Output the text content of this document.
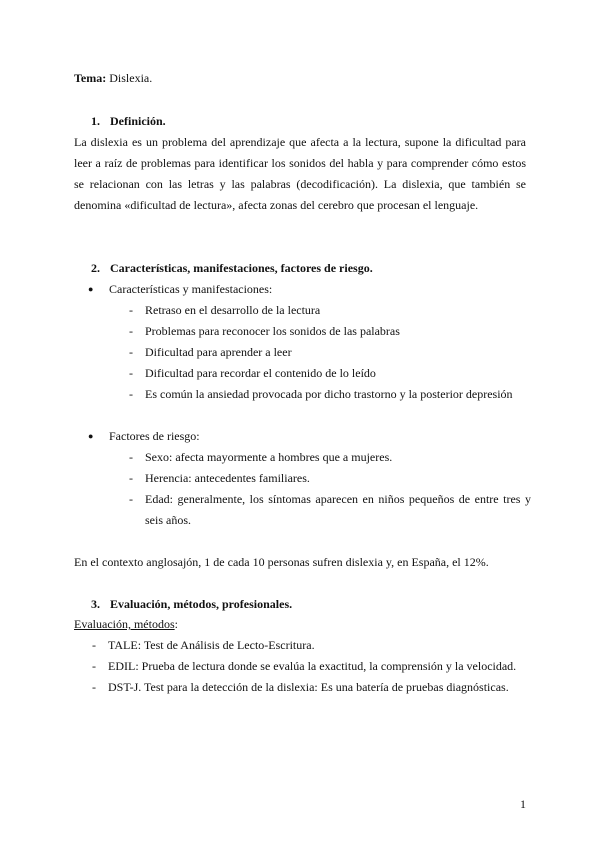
Tema: Dislexia.
1. Definición.
La dislexia es un problema del aprendizaje que afecta a la lectura, supone la dificultad para leer a raíz de problemas para identificar los sonidos del habla y para comprender cómo estos se relacionan con las letras y las palabras (decodificación). La dislexia, que también se denomina «dificultad de lectura», afecta zonas del cerebro que procesan el lenguaje.
2. Características, manifestaciones, factores de riesgo.
● Características y manifestaciones:
- Retraso en el desarrollo de la lectura
- Problemas para reconocer los sonidos de las palabras
- Dificultad para aprender a leer
- Dificultad para recordar el contenido de lo leído
- Es común la ansiedad provocada por dicho trastorno y la posterior depresión
● Factores de riesgo:
- Sexo: afecta mayormente a hombres que a mujeres.
- Herencia: antecedentes familiares.
- Edad: generalmente, los síntomas aparecen en niños pequeños de entre tres y seis años.
En el contexto anglosajón, 1 de cada 10 personas sufren dislexia y, en España, el 12%.
3. Evaluación, métodos, profesionales.
Evaluación, métodos:
- TALE: Test de Análisis de Lecto-Escritura.
- EDIL: Prueba de lectura donde se evalúa la exactitud, la comprensión y la velocidad.
- DST-J. Test para la detección de la dislexia: Es una batería de pruebas diagnósticas.
1
